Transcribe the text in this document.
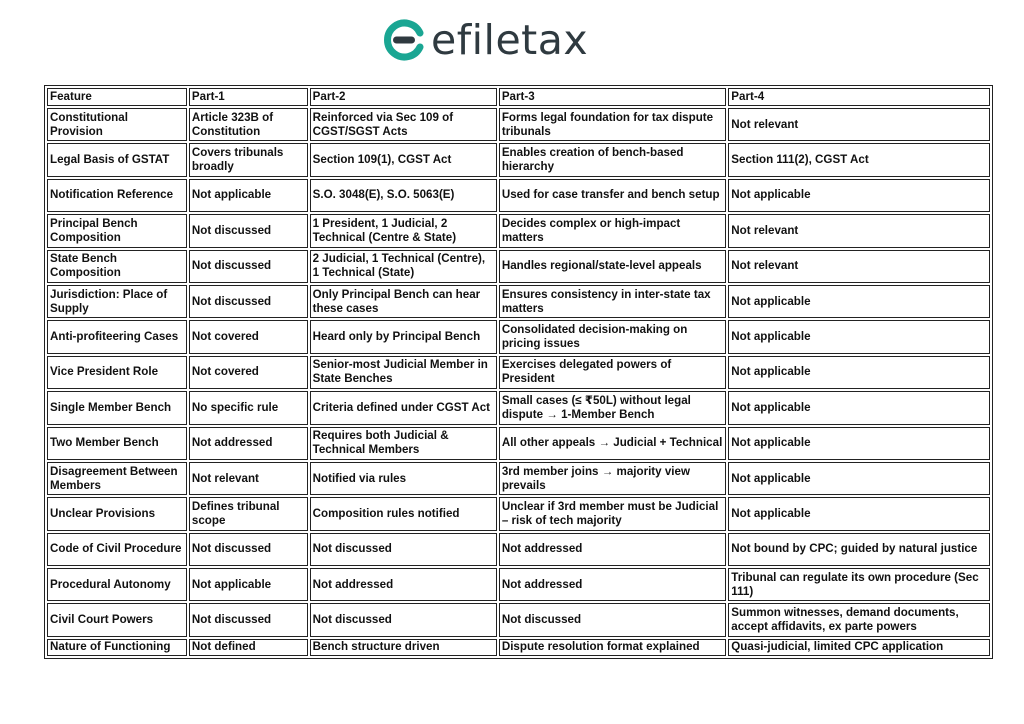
efiletax
Feature	Part-1	Part-2	Part-3	Part-4
Constitutional Provision	Article 323B of Constitution	Reinforced via Sec 109 of CGST/SGST Acts	Forms legal foundation for tax dispute tribunals	Not relevant
Legal Basis of GSTAT	Covers tribunals broadly	Section 109(1), CGST Act	Enables creation of bench-based hierarchy	Section 111(2), CGST Act
Notification Reference	Not applicable	S.O. 3048(E), S.O. 5063(E)	Used for case transfer and bench setup	Not applicable
Principal Bench Composition	Not discussed	1 President, 1 Judicial, 2 Technical (Centre & State)	Decides complex or high-impact matters	Not relevant
State Bench Composition	Not discussed	2 Judicial, 1 Technical (Centre), 1 Technical (State)	Handles regional/state-level appeals	Not relevant
Jurisdiction: Place of Supply	Not discussed	Only Principal Bench can hear these cases	Ensures consistency in inter-state tax matters	Not applicable
Anti-profiteering Cases	Not covered	Heard only by Principal Bench	Consolidated decision-making on pricing issues	Not applicable
Vice President Role	Not covered	Senior-most Judicial Member in State Benches	Exercises delegated powers of President	Not applicable
Single Member Bench	No specific rule	Criteria defined under CGST Act	Small cases (≤ ₹50L) without legal dispute → 1-Member Bench	Not applicable
Two Member Bench	Not addressed	Requires both Judicial & Technical Members	All other appeals → Judicial + Technical	Not applicable
Disagreement Between Members	Not relevant	Notified via rules	3rd member joins → majority view prevails	Not applicable
Unclear Provisions	Defines tribunal scope	Composition rules notified	Unclear if 3rd member must be Judicial – risk of tech majority	Not applicable
Code of Civil Procedure	Not discussed	Not discussed	Not addressed	Not bound by CPC; guided by natural justice
Procedural Autonomy	Not applicable	Not addressed	Not addressed	Tribunal can regulate its own procedure (Sec 111)
Civil Court Powers	Not discussed	Not discussed	Not discussed	Summon witnesses, demand documents, accept affidavits, ex parte powers
Nature of Functioning	Not defined	Bench structure driven	Dispute resolution format explained	Quasi-judicial, limited CPC application
